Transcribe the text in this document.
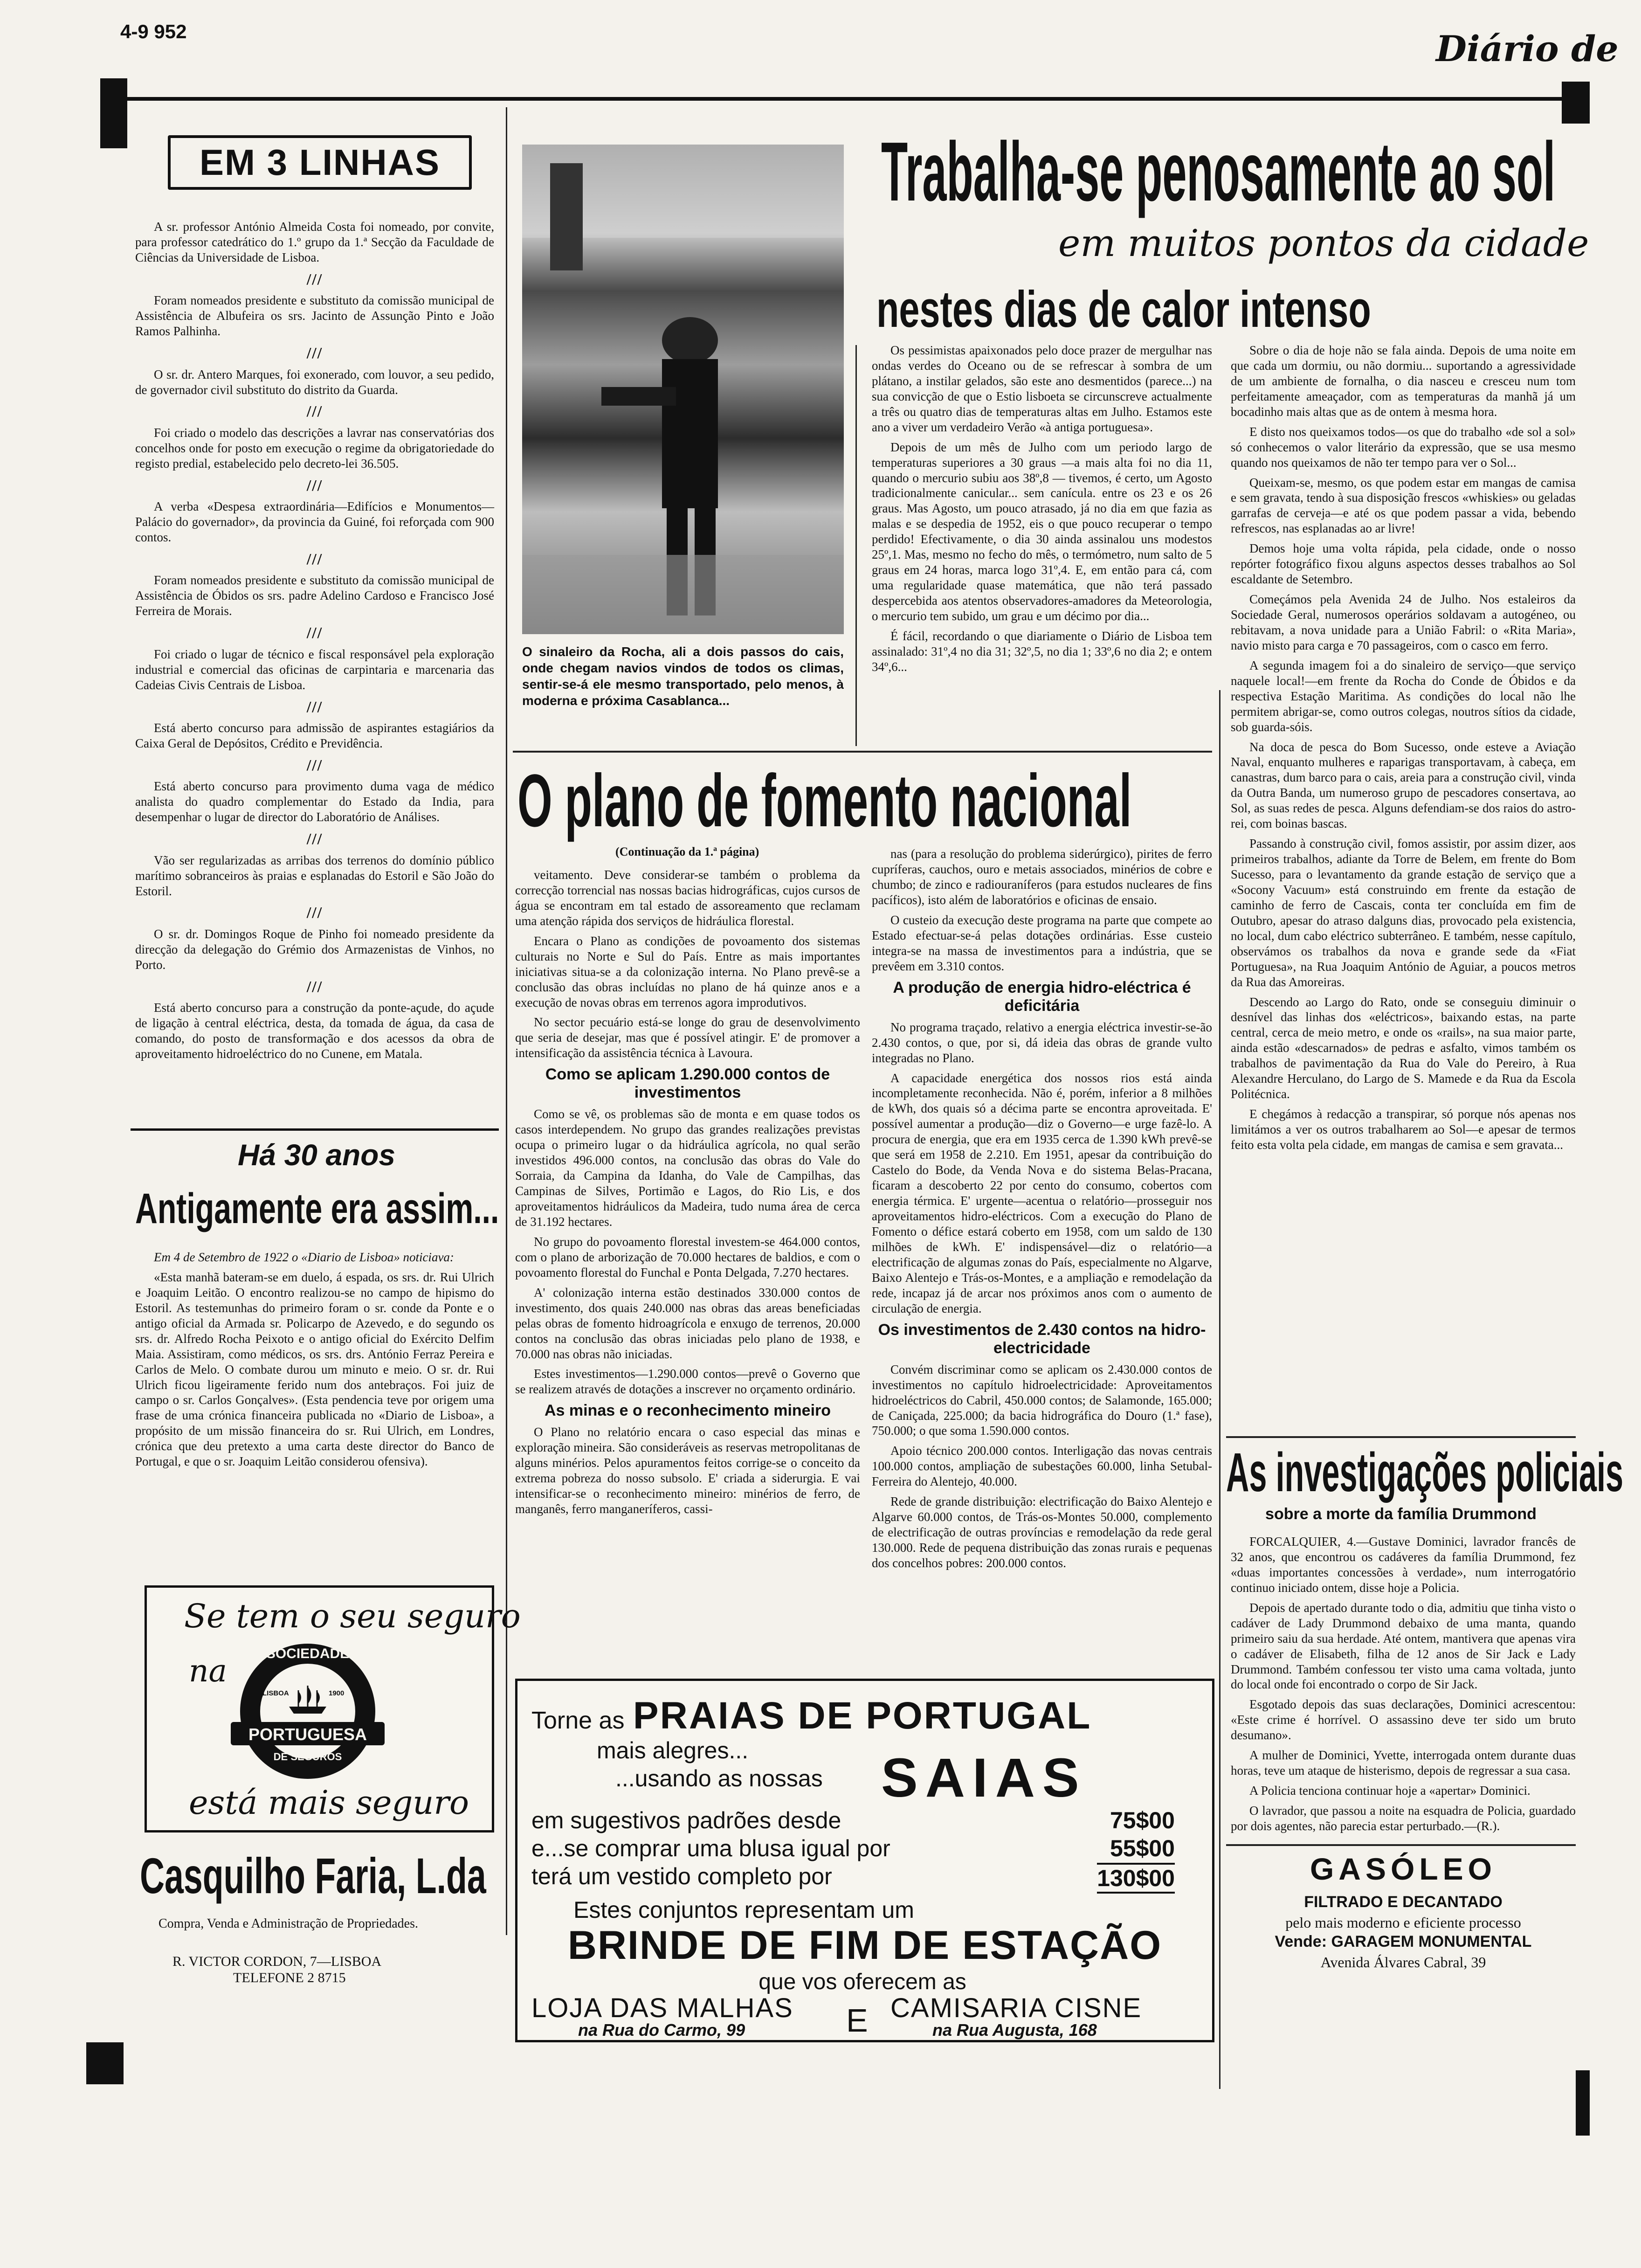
4-9 952	Diário de
EM 3 LINHAS

A sr. professor António Almeida Costa foi nomeado, por convite, para professor catedrático do 1.º grupo da 1.ª Secção da Faculdade de Ciências da Universidade de Lisboa.

///

Foram nomeados presidente e substituto da comissão municipal de Assistência de Albufeira os srs. Jacinto de Assunção Pinto e João Ramos Palhinha.

///

O sr. dr. Antero Marques, foi exonerado, com louvor, a seu pedido, de governador civil substituto do distrito da Guarda.

///

Foi criado o modelo das descrições a lavrar nas conservatórias dos concelhos onde for posto em execução o regime da obrigatoriedade do registo predial, estabelecido pelo decreto-lei 36.505.

///

A verba «Despesa extraordinária—Edifícios e Monumentos—Palácio do governador», da provincia da Guiné, foi reforçada com 900 contos.

///

Foram nomeados presidente e substituto da comissão municipal de Assistência de Óbidos os srs. padre Adelino Cardoso e Francisco José Ferreira de Morais.

///

Foi criado o lugar de técnico e fiscal responsável pela exploração industrial e comercial das oficinas de carpintaria e marcenaria das Cadeias Civis Centrais de Lisboa.

///

Está aberto concurso para admissão de aspirantes estagiários da Caixa Geral de Depósitos, Crédito e Previdência.

///

Está aberto concurso para provimento duma vaga de médico analista do quadro complementar do Estado da India, para desempenhar o lugar de director do Laboratório de Análises.

///

Vão ser regularizadas as arribas dos terrenos do domínio público marítimo sobranceiros às praias e esplanadas do Estoril e São João do Estoril.

///

O sr. dr. Domingos Roque de Pinho foi nomeado presidente da direcção da delegação do Grémio dos Armazenistas de Vinhos, no Porto.

///

Está aberto concurso para a construção da ponte-açude, do açude de ligação à central eléctrica, desta, da tomada de água, da casa de comando, do posto de transformação e dos acessos da obra de aproveitamento hidroeléctrico do no Cunene, em Matala.

Há 30 anos
Antigamente era assim...

Em 4 de Setembro de 1922 o «Diario de Lisboa» noticiava:

«Esta manhã bateram-se em duelo, á espada, os srs. dr. Rui Ulrich e Joaquim Leitão. O encontro realizou-se no campo de hipismo do Estoril. As testemunhas do primeiro foram o sr. conde da Ponte e o antigo oficial da Armada sr. Policarpo de Azevedo, e do segundo os srs. dr. Alfredo Rocha Peixoto e o antigo oficial do Exército Delfim Maia. Assistiram, como médicos, os srs. drs. António Ferraz Pereira e Carlos de Melo. O combate durou um minuto e meio. O sr. dr. Rui Ulrich ficou ligeiramente ferido num dos antebraços. Foi juiz de campo o sr. Carlos Gonçalves». (Esta pendencia teve por origem uma frase de uma crónica financeira publicada no «Diario de Lisboa», a propósito de um missão financeira do sr. Rui Ulrich, em Londres, crónica que deu pretexto a uma carta deste director do Banco de Portugal, e que o sr. Joaquim Leitão considerou ofensiva).

Se tem o seu seguro
na	SOCIEDADE
LISBOA	1900
PORTUGUESA
DE SEGUROS
está mais seguro
Casquilho Faria, L.da
Compra, Venda e Administração de Propriedades.
R. VICTOR CORDON, 7—LISBOA
TELEFONE 2 8715
O sinaleiro da Rocha, ali a dois passos do cais, onde chegam navios vindos de todos os climas, sentir-se-á ele mesmo transportado, pelo menos, à moderna e próxima Casablanca...
Trabalha-se penosamente ao sol
em muitos pontos da cidade
nestes dias de calor intenso

Os pessimistas apaixonados pelo doce prazer de mergulhar nas ondas verdes do Oceano ou de se refrescar à sombra de um plátano, a instilar gelados, são este ano desmentidos (parece...) na sua convicção de que o Estio lisboeta se circunscreve actualmente a três ou quatro dias de temperaturas altas em Julho. Estamos este ano a viver um verdadeiro Verão «à antiga portuguesa».

Depois de um mês de Julho com um periodo largo de temperaturas superiores a 30 graus —a mais alta foi no dia 11, quando o mercurio subiu aos 38º,8 — tivemos, é certo, um Agosto tradicionalmente canicular... sem canícula. entre os 23 e os 26 graus. Mas Agosto, um pouco atrasado, já no dia em que fazia as malas e se despedia de 1952, eis o que pouco recuperar o tempo perdido! Efectivamente, o dia 30 ainda assinalou uns modestos 25º,1. Mas, mesmo no fecho do mês, o termómetro, num salto de 5 graus em 24 horas, marca logo 31º,4. E, em então para cá, com uma regularidade quase matemática, que não terá passado despercebida aos atentos observadores-amadores da Meteorologia, o mercurio tem subido, um grau e um décimo por dia...

É fácil, recordando o que diariamente o Diário de Lisboa tem assinalado: 31º,4 no dia 31; 32º,5, no dia 1; 33º,6 no dia 2; e ontem 34º,6...

Sobre o dia de hoje não se fala ainda. Depois de uma noite em que cada um dormiu, ou não dormiu... suportando a agressividade de um ambiente de fornalha, o dia nasceu e cresceu num tom perfeitamente ameaçador, com as temperaturas da manhã já um bocadinho mais altas que as de ontem à mesma hora.

E disto nos queixamos todos—os que do trabalho «de sol a sol» só conhecemos o valor literário da expressão, que se usa mesmo quando nos queixamos de não ter tempo para ver o Sol...

Queixam-se, mesmo, os que podem estar em mangas de camisa e sem gravata, tendo à sua disposição frescos «whiskies» ou geladas garrafas de cerveja—e até os que podem passar a vida, bebendo refrescos, nas esplanadas ao ar livre!

Demos hoje uma volta rápida, pela cidade, onde o nosso repórter fotográfico fixou alguns aspectos desses trabalhos ao Sol escaldante de Setembro.

Começámos pela Avenida 24 de Julho. Nos estaleiros da Sociedade Geral, numerosos operários soldavam a autogéneo, ou rebitavam, a nova unidade para a União Fabril: o «Rita Maria», navio misto para carga e 70 passageiros, com o casco em ferro.

A segunda imagem foi a do sinaleiro de serviço—que serviço naquele local!—em frente da Rocha do Conde de Óbidos e da respectiva Estação Maritima. As condições do local não lhe permitem abrigar-se, como outros colegas, noutros sítios da cidade, sob guarda-sóis.

Na doca de pesca do Bom Sucesso, onde esteve a Aviação Naval, enquanto mulheres e raparigas transportavam, à cabeça, em canastras, dum barco para o cais, areia para a construção civil, vinda da Outra Banda, um numeroso grupo de pescadores consertava, ao Sol, as suas redes de pesca. Alguns defendiam-se dos raios do astro-rei, com boinas bascas.

Passando à construção civil, fomos assistir, por assim dizer, aos primeiros trabalhos, adiante da Torre de Belem, em frente do Bom Sucesso, para o levantamento da grande estação de serviço que a «Socony Vacuum» está construindo em frente da estação de caminho de ferro de Cascais, conta ter concluída em fim de Outubro, apesar do atraso dalguns dias, provocado pela existencia, no local, dum cabo eléctrico subterrâneo. E também, nesse capítulo, observámos os trabalhos da nova e grande sede da «Fiat Portuguesa», na Rua Joaquim António de Aguiar, a poucos metros da Rua das Amoreiras.

Descendo ao Largo do Rato, onde se conseguiu diminuir o desnível das linhas dos «eléctricos», baixando estas, na parte central, cerca de meio metro, e onde os «rails», na sua maior parte, ainda estão «descarnados» de pedras e asfalto, vimos também os trabalhos de pavimentação da Rua do Vale do Pereiro, à Rua Alexandre Herculano, do Largo de S. Mamede e da Rua da Escola Politécnica.

E chegámos à redacção a transpirar, só porque nós apenas nos limitámos a ver os outros trabalharem ao Sol—e apesar de termos feito esta volta pela cidade, em mangas de camisa e sem gravata...

O plano de fomento nacional
(Continuação da 1.ª página)

veitamento. Deve considerar-se também o problema da correcção torrencial nas nossas bacias hidrográficas, cujos cursos de água se encontram em tal estado de assoreamento que reclamam uma atenção rápida dos serviços de hidráulica florestal.

Encara o Plano as condições de povoamento dos sistemas culturais no Norte e Sul do País. Entre as mais importantes iniciativas situa-se a da colonização interna. No Plano prevê-se a conclusão das obras incluídas no plano de há quinze anos e a execução de novas obras em terrenos agora improdutivos.

No sector pecuário está-se longe do grau de desenvolvimento que seria de desejar, mas que é possível atingir. E' de promover a intensificação da assistência técnica à Lavoura.

Como se aplicam 1.290.000 contos de investimentos

Como se vê, os problemas são de monta e em quase todos os casos interdependem. No grupo das grandes realizações previstas ocupa o primeiro lugar o da hidráulica agrícola, no qual serão investidos 496.000 contos, na conclusão das obras do Vale do Sorraia, da Campina da Idanha, do Vale de Campilhas, das Campinas de Silves, Portimão e Lagos, do Rio Lis, e dos aproveitamentos hidráulicos da Madeira, tudo numa área de cerca de 31.192 hectares.

No grupo do povoamento florestal investem-se 464.000 contos, com o plano de arborização de 70.000 hectares de baldios, e com o povoamento florestal do Funchal e Ponta Delgada, 7.270 hectares.

A' colonização interna estão destinados 330.000 contos de investimento, dos quais 240.000 nas obras das areas beneficiadas pelas obras de fomento hidroagrícola e enxugo de terrenos, 20.000 contos na conclusão das obras iniciadas pelo plano de 1938, e 70.000 nas obras não iniciadas.

Estes investimentos—1.290.000 contos—prevê o Governo que se realizem através de dotações a inscrever no orçamento ordinário.

As minas e o reconhecimento mineiro

O Plano no relatório encara o caso especial das minas e exploração mineira. São consideráveis as reservas metropolitanas de alguns minérios. Pelos apuramentos feitos corrige-se o conceito da extrema pobreza do nosso subsolo. E' criada a siderurgia. E vai intensificar-se o reconhecimento mineiro: minérios de ferro, de manganês, ferro manganeríferos, cassi-

nas (para a resolução do problema siderúrgico), pirites de ferro cupríferas, cauchos, ouro e metais associados, minérios de cobre e chumbo; de zinco e radiouraníferos (para estudos nucleares de fins pacíficos), isto além de laboratórios e oficinas de ensaio.

O custeio da execução deste programa na parte que compete ao Estado efectuar-se-á pelas dotações ordinárias. Esse custeio integra-se na massa de investimentos para a indústria, que se prevêem em 3.310 contos.

A produção de energia hidro-eléctrica é deficitária

No programa traçado, relativo a energia eléctrica investir-se-ão 2.430 contos, o que, por si, dá ideia das obras de grande vulto integradas no Plano.

A capacidade energética dos nossos rios está ainda incompletamente reconhecida. Não é, porém, inferior a 8 milhões de kWh, dos quais só a décima parte se encontra aproveitada. E' possível aumentar a produção—diz o Governo—e urge fazê-lo. A procura de energia, que era em 1935 cerca de 1.390 kWh prevê-se que será em 1958 de 2.210. Em 1951, apesar da contribuição do Castelo do Bode, da Venda Nova e do sistema Belas-Pracana, ficaram a descoberto 22 por cento do consumo, cobertos com energia térmica. E' urgente—acentua o relatório—prosseguir nos aproveitamentos hidro-eléctricos. Com a execução do Plano de Fomento o défice estará coberto em 1958, com um saldo de 130 milhões de kWh. E' indispensável—diz o relatório—a electrificação de algumas zonas do País, especialmente no Algarve, Baixo Alentejo e Trás-os-Montes, e a ampliação e remodelação da rede, incapaz já de arcar nos próximos anos com o aumento de circulação de energia.

Os investimentos de 2.430 contos na hidro-electricidade

Convém discriminar como se aplicam os 2.430.000 contos de investimentos no capítulo hidroelectricidade: Aproveitamentos hidroeléctricos do Cabril, 450.000 contos; de Salamonde, 165.000; de Caniçada, 225.000; da bacia hidrográfica do Douro (1.ª fase), 750.000; o que soma 1.590.000 contos.

Apoio técnico 200.000 contos. Interligação das novas centrais 100.000 contos, ampliação de subestações 60.000, linha Setubal-Ferreira do Alentejo, 40.000.

Rede de grande distribuição: electrificação do Baixo Alentejo e Algarve 60.000 contos, de Trás-os-Montes 50.000, complemento de electrificação de outras províncias e remodelação da rede geral 130.000. Rede de pequena distribuição das zonas rurais e pequenas dos concelhos pobres: 200.000 contos.

Torne as PRAIAS DE PORTUGAL
mais alegres...
...usando as nossas SAIAS
em sugestivos padrões desde	75$00
e...se comprar uma blusa igual por	55$00
terá um vestido completo por	130$00
Estes conjuntos representam um
BRINDE DE FIM DE ESTAÇÃO
que vos oferecem as
LOJA DAS MALHAS E CAMISARIA CISNE
na Rua do Carmo, 99	na Rua Augusta, 168
As investigações policiais
sobre a morte da família Drummond

FORCALQUIER, 4.—Gustave Dominici, lavrador francês de 32 anos, que encontrou os cadáveres da família Drummond, fez «duas importantes concessões à verdade», num interrogatório continuo iniciado ontem, disse hoje a Policia.

Depois de apertado durante todo o dia, admitiu que tinha visto o cadáver de Lady Drummond debaixo de uma manta, quando primeiro saiu da sua herdade. Até ontem, mantivera que apenas vira o cadáver de Elisabeth, filha de 12 anos de Sir Jack e Lady Drummond. Também confessou ter visto uma cama voltada, junto do local onde foi encontrado o corpo de Sir Jack.

Esgotado depois das suas declarações, Dominici acrescentou: «Este crime é horrível. O assassino deve ter sido um bruto desumano».

A mulher de Dominici, Yvette, interrogada ontem durante duas horas, teve um ataque de histerismo, depois de regressar a sua casa.

A Policia tenciona continuar hoje a «apertar» Dominici.

O lavrador, que passou a noite na esquadra de Policia, guardado por dois agentes, não parecia estar perturbado.—(R.).

GASÓLEO
FILTRADO E DECANTADO
pelo mais moderno e eficiente processo
Vende: GARAGEM MONUMENTAL
Avenida Álvares Cabral, 39
